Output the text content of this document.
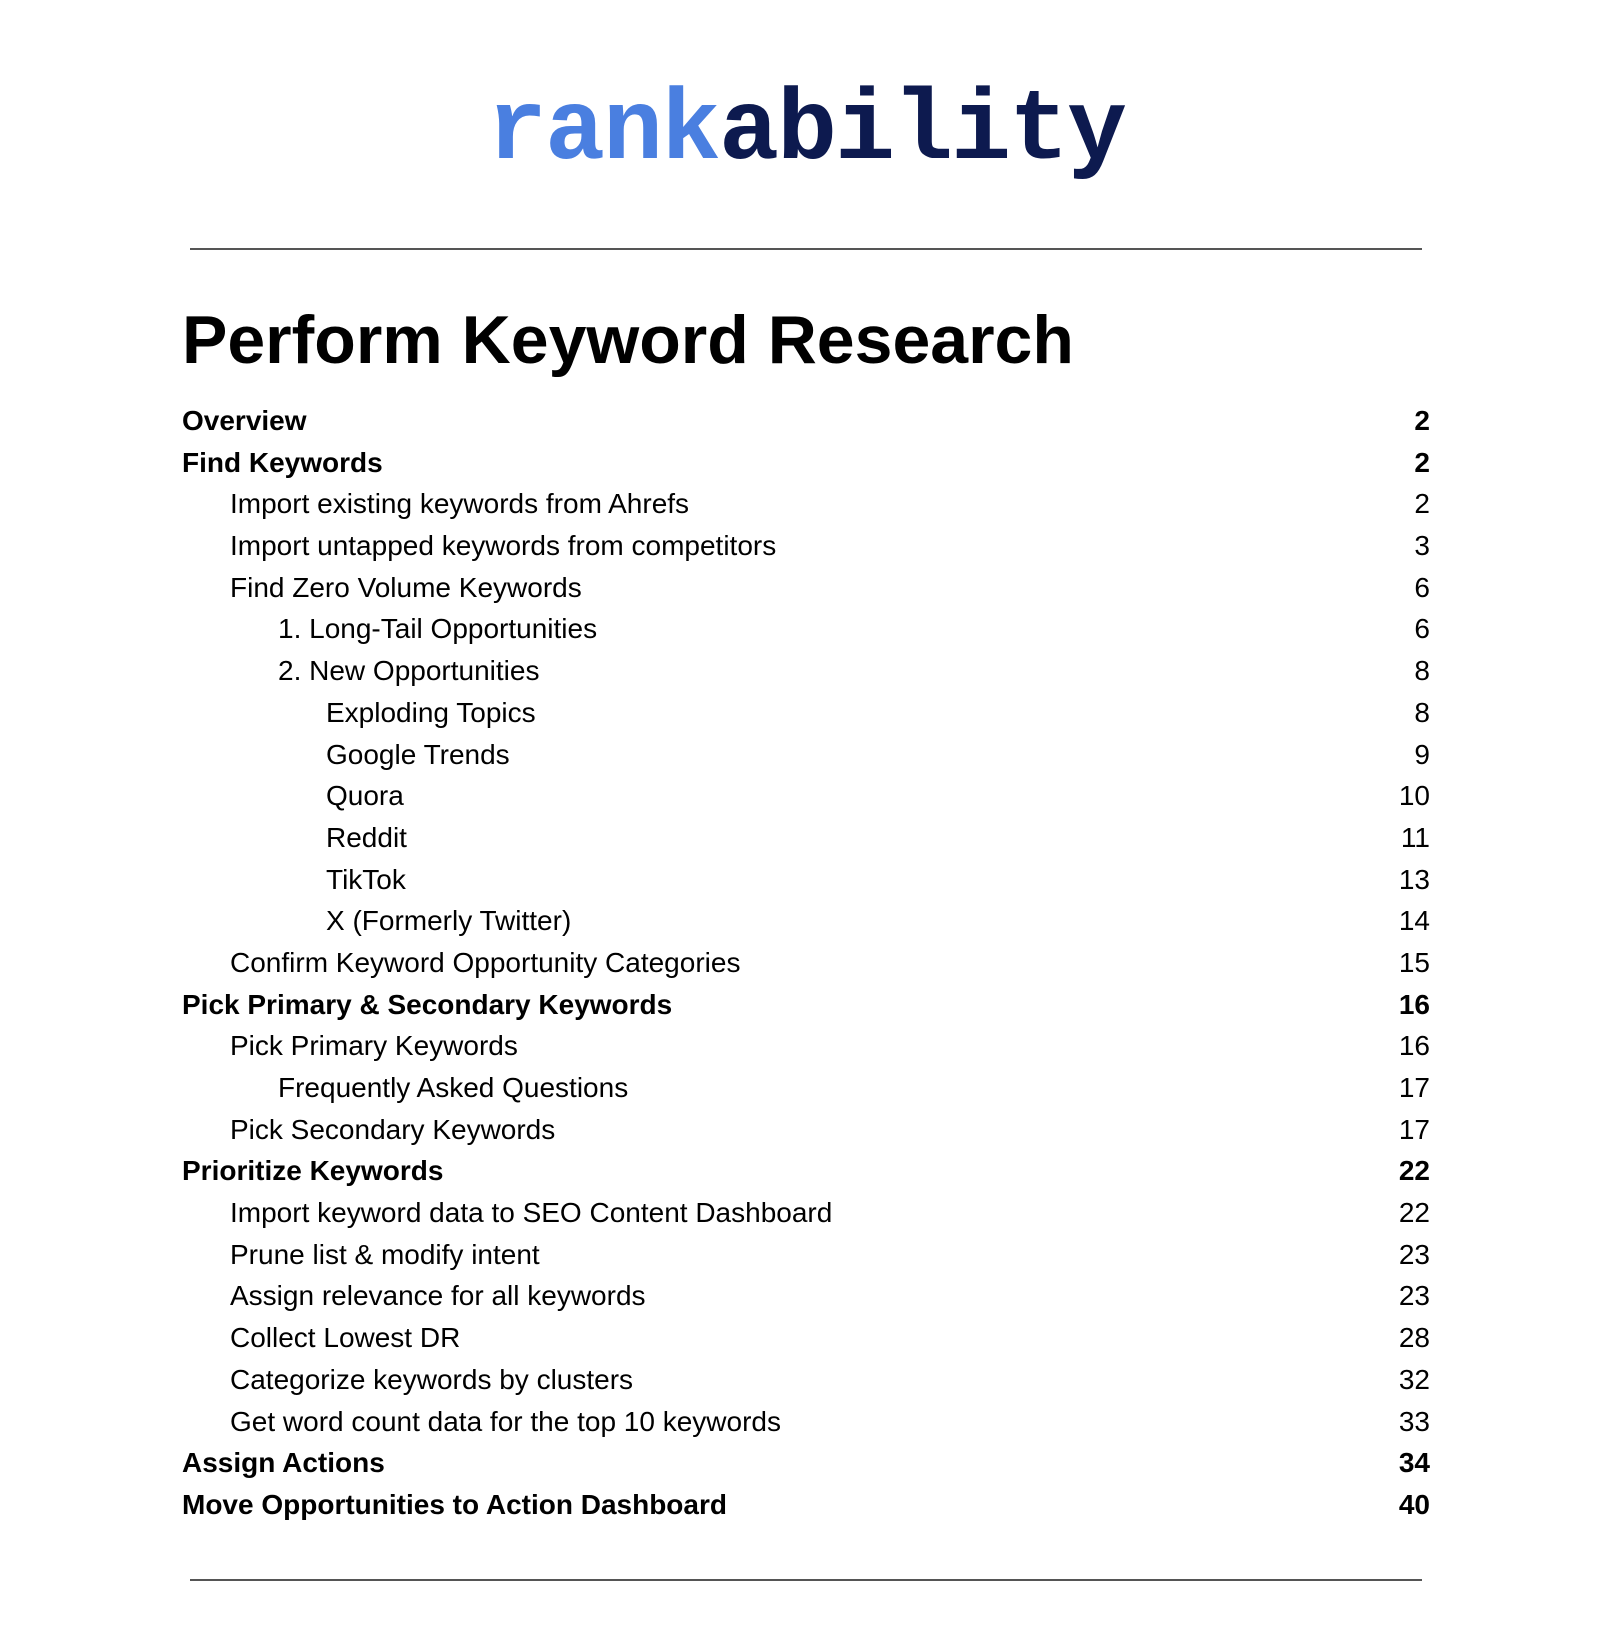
rankability
Perform Keyword Research
Overview	2
Find Keywords	2
Import existing keywords from Ahrefs	2
Import untapped keywords from competitors	3
Find Zero Volume Keywords	6
1. Long-Tail Opportunities	6
2. New Opportunities	8
Exploding Topics	8
Google Trends	9
Quora	10
Reddit	11
TikTok	13
X (Formerly Twitter)	14
Confirm Keyword Opportunity Categories	15
Pick Primary & Secondary Keywords	16
Pick Primary Keywords	16
Frequently Asked Questions	17
Pick Secondary Keywords	17
Prioritize Keywords	22
Import keyword data to SEO Content Dashboard	22
Prune list & modify intent	23
Assign relevance for all keywords	23
Collect Lowest DR	28
Categorize keywords by clusters	32
Get word count data for the top 10 keywords	33
Assign Actions	34
Move Opportunities to Action Dashboard	40
